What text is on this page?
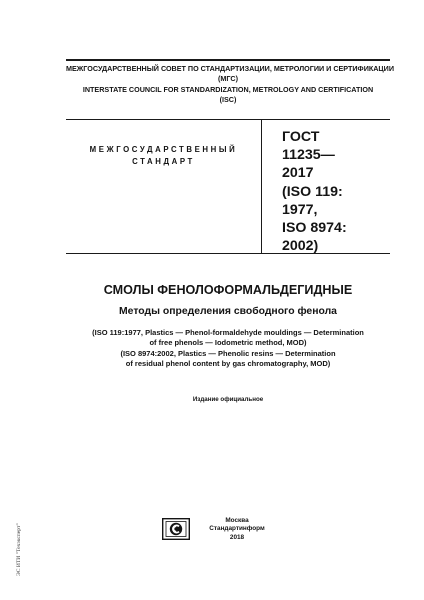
МЕЖГОСУДАРСТВЕННЫЙ СОВЕТ ПО СТАНДАРТИЗАЦИИ, МЕТРОЛОГИИ И СЕРТИФИКАЦИИ
(МГС)
INTERSTATE COUNCIL FOR STANDARDIZATION, METROLOGY AND CERTIFICATION
(ISC)
МЕЖГОСУДАРСТВЕННЫЙ
СТАНДАРТ
ГОСТ
11235—
2017
(ISO 119:
1977,
ISO 8974:
2002)
СМОЛЫ ФЕНОЛОФОРМАЛЬДЕГИДНЫЕ
Методы определения свободного фенола
(ISO 119:1977, Plastics — Phenol-formaldehyde mouldings — Determination
of free phenols — Iodometric method, MOD)
(ISO 8974:2002, Plastics — Phenolic resins — Determination
of residual phenol content by gas chromatography, MOD)
Издание официальное
Москва
Стандартинформ
2018
ЭС ИТИ "Техэксперт"
